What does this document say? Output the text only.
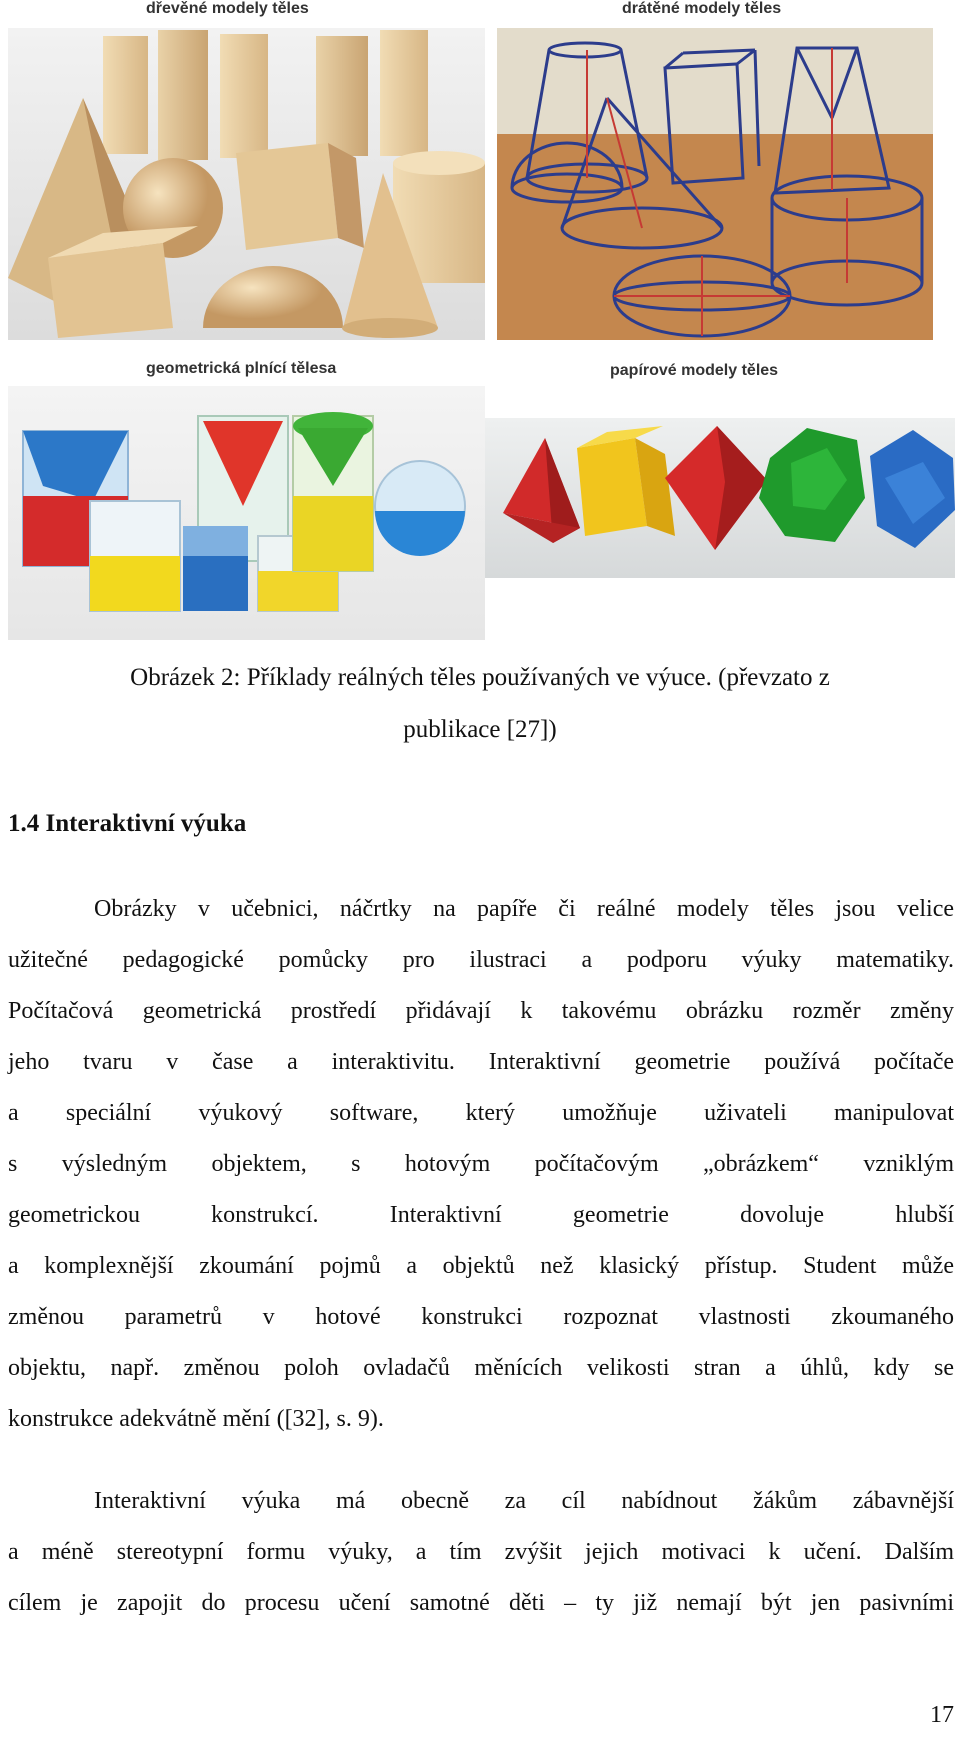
dřevěné modely těles	drátěné modely těles
geometrická plnící tělesa	papírové modely těles
Obrázek 2: Příklady reálných těles používaných ve výuce. (převzato z
publikace [27])
1.4 Interaktivní výuka
Obrázky v učebnici, náčrtky na papíře či reálné modely těles jsou velice
užitečné pedagogické pomůcky pro ilustraci a podporu výuky matematiky.
Počítačová geometrická prostředí přidávají k takovému obrázku rozměr změny
jeho tvaru v čase a interaktivitu. Interaktivní geometrie používá počítače
a speciální výukový software, který umožňuje uživateli manipulovat
s výsledným objektem, s hotovým počítačovým „obrázkem“ vzniklým
geometrickou konstrukcí. Interaktivní geometrie dovoluje hlubší
a komplexnější zkoumání pojmů a objektů než klasický přístup. Student může
změnou parametrů v hotové konstrukci rozpoznat vlastnosti zkoumaného
objektu, např. změnou poloh ovladačů měnících velikosti stran a úhlů, kdy se
konstrukce adekvátně mění ([32], s. 9).
Interaktivní výuka má obecně za cíl nabídnout žákům zábavnější
a méně stereotypní formu výuky, a tím zvýšit jejich motivaci k učení. Dalším
cílem je zapojit do procesu učení samotné děti – ty již nemají být jen pasivními
17
